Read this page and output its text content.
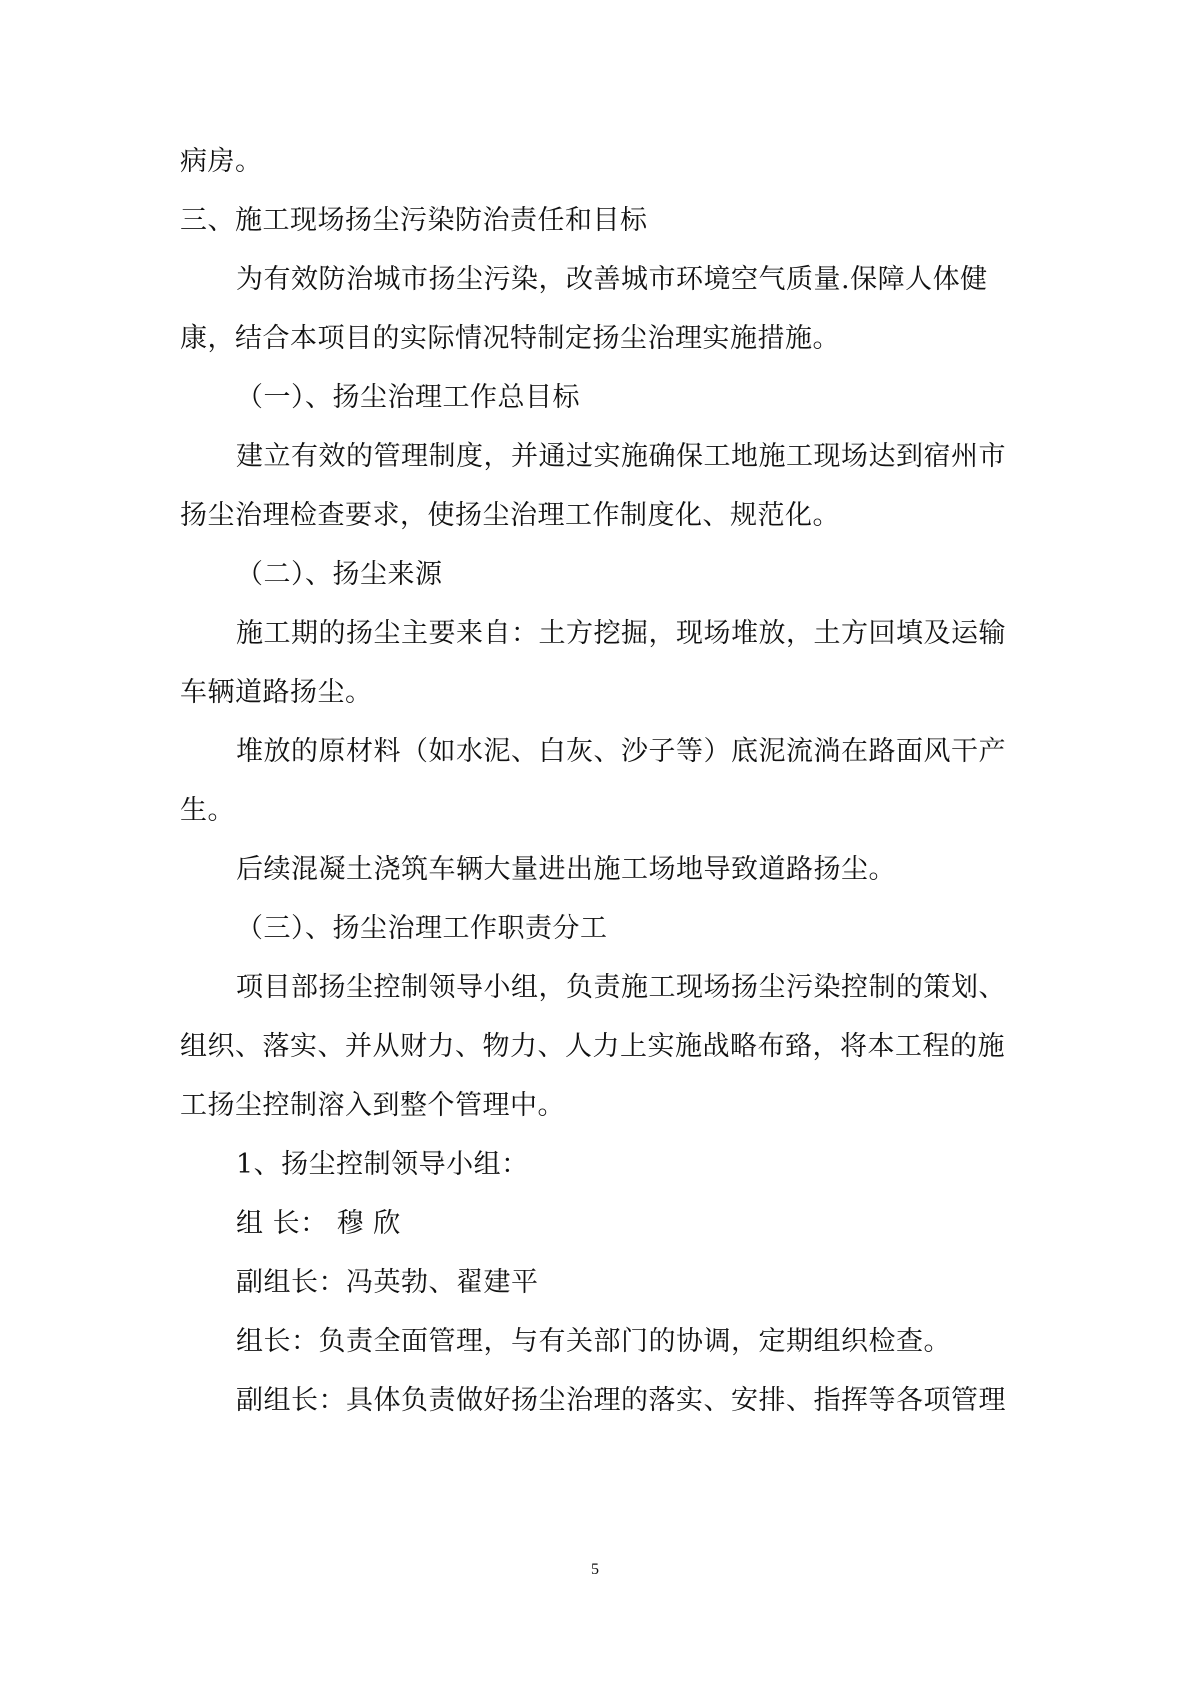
病房。
三、施工现场扬尘污染防治责任和目标
为有效防治城市扬尘污染，改善城市环境空气质量.保障人体健
康，结合本项目的实际情况特制定扬尘治理实施措施。
（一）、扬尘治理工作总目标
建立有效的管理制度，并通过实施确保工地施工现场达到宿州市
扬尘治理检查要求，使扬尘治理工作制度化、规范化。
（二）、扬尘来源
施工期的扬尘主要来自：土方挖掘，现场堆放，土方回填及运输
车辆道路扬尘。
堆放的原材料（如水泥、白灰、沙子等）底泥流淌在路面风干产
生。
后续混凝土浇筑车辆大量进出施工场地导致道路扬尘。
（三）、扬尘治理工作职责分工
项目部扬尘控制领导小组，负责施工现场扬尘污染控制的策划、
组织、落实、并从财力、物力、人力上实施战略布臵，将本工程的施
工扬尘控制溶入到整个管理中。
1、扬尘控制领导小组：
组 长： 穆 欣
副组长：冯英勃、翟建平
组长：负责全面管理，与有关部门的协调，定期组织检查。
副组长：具体负责做好扬尘治理的落实、安排、指挥等各项管理
5
